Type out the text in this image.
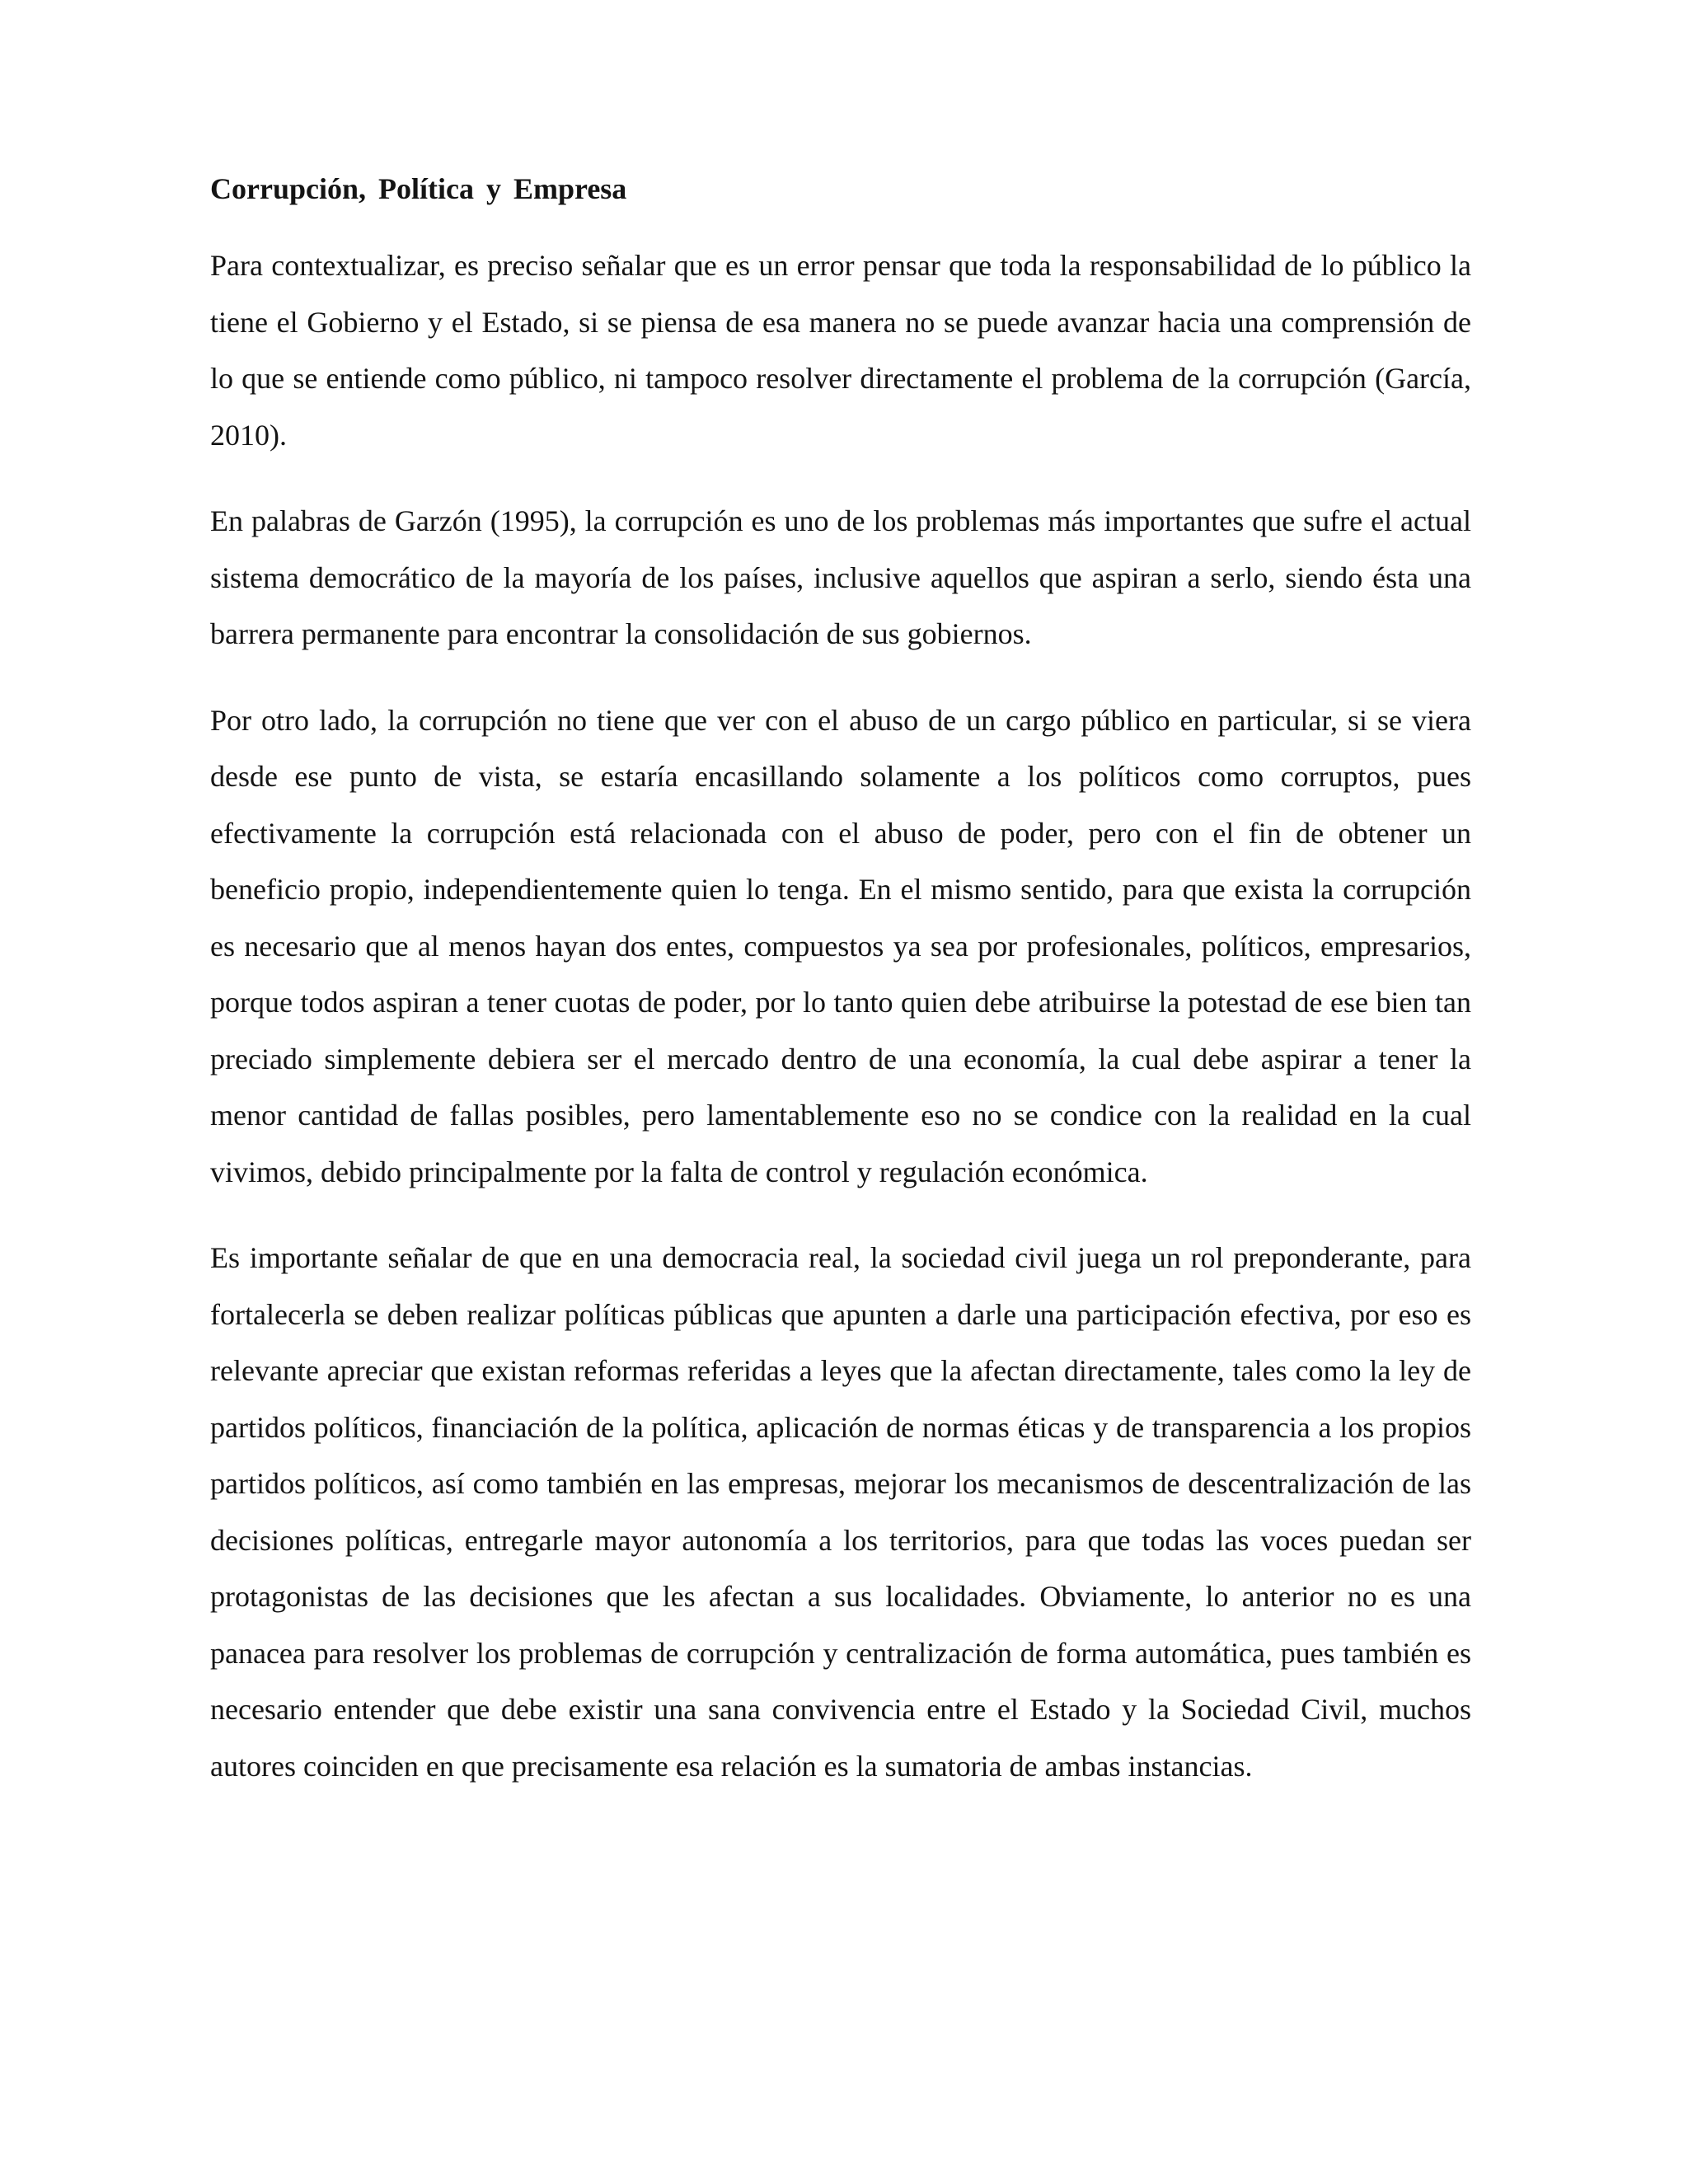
Corrupción, Política y Empresa

Para contextualizar, es preciso señalar que es un error pensar que toda la responsabilidad de lo público la tiene el Gobierno y el Estado, si se piensa de esa manera no se puede avanzar hacia una comprensión de lo que se entiende como público, ni tampoco resolver directamente el problema de la corrupción (García, 2010).

En palabras de Garzón (1995), la corrupción es uno de los problemas más importantes que sufre el actual sistema democrático de la mayoría de los países, inclusive aquellos que aspiran a serlo, siendo ésta una barrera permanente para encontrar la consolidación de sus gobiernos.

Por otro lado, la corrupción no tiene que ver con el abuso de un cargo público en particular, si se viera desde ese punto de vista, se estaría encasillando solamente a los políticos como corruptos, pues efectivamente la corrupción está relacionada con el abuso de poder, pero con el fin de obtener un beneficio propio, independientemente quien lo tenga. En el mismo sentido, para que exista la corrupción es necesario que al menos hayan dos entes, compuestos ya sea por profesionales, políticos, empresarios, porque todos aspiran a tener cuotas de poder, por lo tanto quien debe atribuirse la potestad de ese bien tan preciado simplemente debiera ser el mercado dentro de una economía, la cual debe aspirar a tener la menor cantidad de fallas posibles, pero lamentablemente eso no se condice con la realidad en la cual vivimos, debido principalmente por la falta de control y regulación económica.

Es importante señalar de que en una democracia real, la sociedad civil juega un rol preponderante, para fortalecerla se deben realizar políticas públicas que apunten a darle una participación efectiva, por eso es relevante apreciar que existan reformas referidas a leyes que la afectan directamente, tales como la ley de partidos políticos, financiación de la política, aplicación de normas éticas y de transparencia a los propios partidos políticos, así como también en las empresas, mejorar los mecanismos de descentralización de las decisiones políticas, entregarle mayor autonomía a los territorios, para que todas las voces puedan ser protagonistas de las decisiones que les afectan a sus localidades. Obviamente, lo anterior no es una panacea para resolver los problemas de corrupción y centralización de forma automática, pues también es necesario entender que debe existir una sana convivencia entre el Estado y la Sociedad Civil, muchos autores coinciden en que precisamente esa relación es la sumatoria de ambas instancias.
